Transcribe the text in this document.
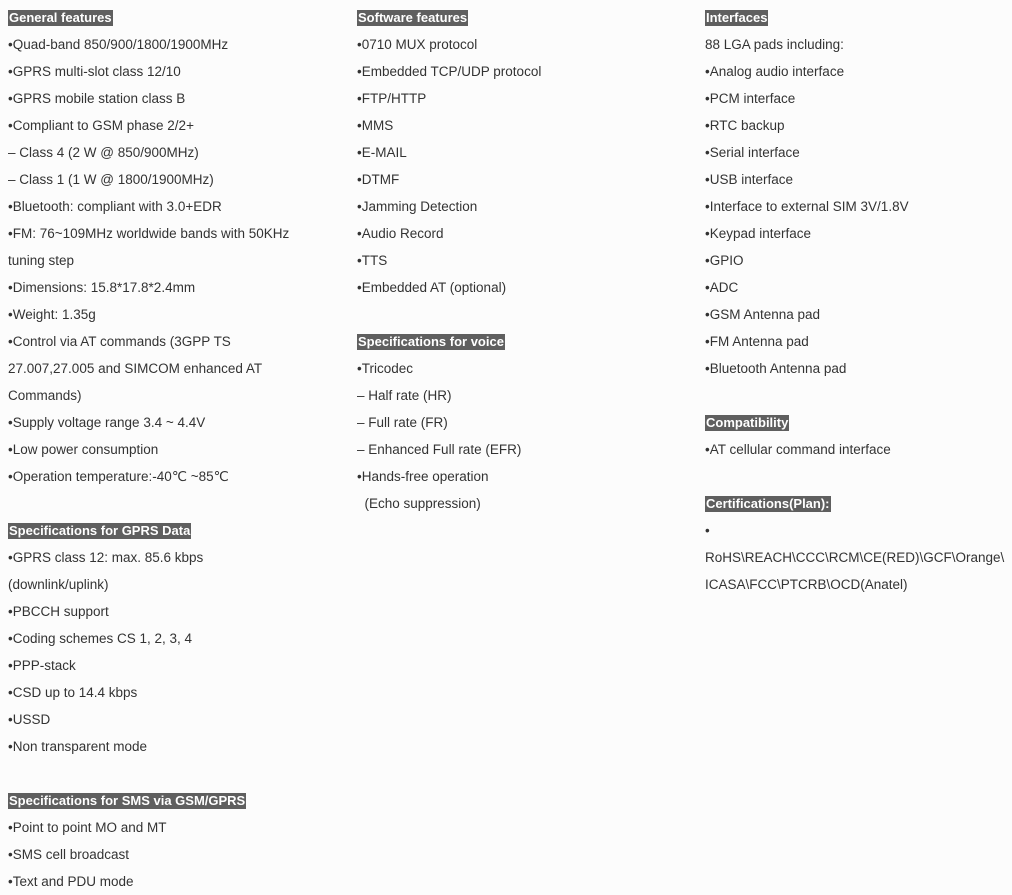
General features
•Quad-band 850/900/1800/1900MHz
•GPRS multi-slot class 12/10
•GPRS mobile station class B
•Compliant to GSM phase 2/2+
– Class 4 (2 W @ 850/900MHz)
– Class 1 (1 W @ 1800/1900MHz)
•Bluetooth: compliant with 3.0+EDR
•FM: 76~109MHz worldwide bands with 50KHz
tuning step
•Dimensions: 15.8*17.8*2.4mm
•Weight: 1.35g
•Control via AT commands (3GPP TS
27.007,27.005 and SIMCOM enhanced AT
Commands)
•Supply voltage range 3.4 ~ 4.4V
•Low power consumption
•Operation temperature:-40℃ ~85℃
Specifications for GPRS Data
•GPRS class 12: max. 85.6 kbps
(downlink/uplink)
•PBCCH support
•Coding schemes CS 1, 2, 3, 4
•PPP-stack
•CSD up to 14.4 kbps
•USSD
•Non transparent mode
Specifications for SMS via GSM/GPRS
•Point to point MO and MT
•SMS cell broadcast
•Text and PDU mode
Software features
•0710 MUX protocol
•Embedded TCP/UDP protocol
•FTP/HTTP
•MMS
•E-MAIL
•DTMF
•Jamming Detection
•Audio Record
•TTS
•Embedded AT (optional)
Specifications for voice
•Tricodec
– Half rate (HR)
– Full rate (FR)
– Enhanced Full rate (EFR)
•Hands-free operation
(Echo suppression)
Interfaces
88 LGA pads including:
•Analog audio interface
•PCM interface
•RTC backup
•Serial interface
•USB interface
•Interface to external SIM 3V/1.8V
•Keypad interface
•GPIO
•ADC
•GSM Antenna pad
•FM Antenna pad
•Bluetooth Antenna pad
Compatibility
•AT cellular command interface
Certifications(Plan):
•
RoHS\REACH\CCC\RCM\CE(RED)\GCF\Orange\
ICASA\FCC\PTCRB\OCD(Anatel)
